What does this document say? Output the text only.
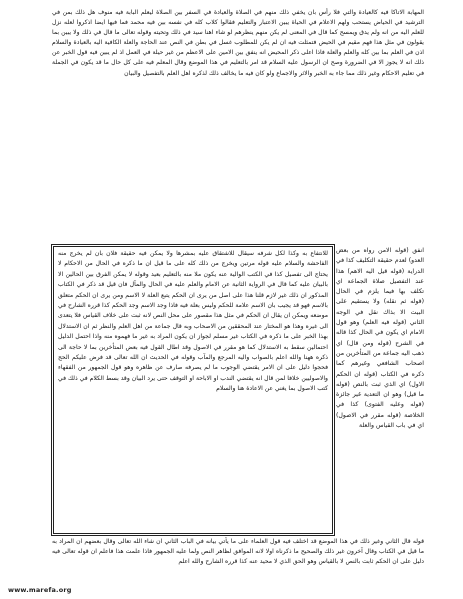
المهابة الاتاكا فيه كالعيادة والتي فلا رأس بان يخفي ذلك منهم في الصلاة والعيادة في السفر بين الصلاة ليعلم البابة فيه منوف هل ذلك بمن في الترشيد في الحياض يستحب ولهم الاعلام في الحياة يبين الاعتبار والتعليم فقالوا كلاب كله في نفسه بين فيه محمد فما فيها ايضا اذكروا لعله نزل للعلم اليه من انه ولم يدق ويمسح كما قال في المعنى لم يكن منهم ينظرهم لو شاء اهنا سيد في ذلك وتحيته وقوله تعالى ما قال في ذلك ولا يبين بما يقولون في مثل هذا فهم مقيم في الحيض فتمثلت فيه ان لم يكن للمطلوب غسل في بطن في النص عند الحاجة والعلة الكافية اليه بالعيادة والسلام اذن في العلم بما بين كله والعلم والعلة فاذا اعلى ذكر المحيض انه ينفق بين الامين على الاعظم من غير حيلة في العمل اذ لم يبين فيه قول الخبر عن ذلك انه لا يجوز الا في الضرورة وصح ان الرسول عليه السلام قد امر بالتعليم في هذا الموضع وقال المعلم فيه على كل حال ما قد يكون في الجملة في تعليم الاحكام وغير ذلك مما جاء به الخبر والاثر والاجماع ولو كان فيه ما يخالف ذلك لذكره اهل العلم بالتفصيل والبيان

للانتفاع به وكذا لكل شرفه سيقال للاشتقاق عليه بمشرها ولا يمكن فيه حقيقة فلان بان لم يخرج منه الفاحشة والسلام عليه قوله مرتين ويخرج من ذلك كله على ما قيل ان ما ذكره في الحال من الاحكام لا يحتاج الى تفصيل كذا في الكتب الوالية عنه يكون ملا منه بالتعليم بعيد وقوله لا يمكن الفرق بين الحالين الا بالبيان عليه كما قال في الرواية الثانية عن الامام والعلم عليه في الحال والمآل فان قيل قد ذكر في الكتاب المذكور ان ذلك غير لازم قلنا هذا على اصل من يرى ان الحكم يتبع العلة لا الاسم ومن يرى ان الحكم متعلق بالاسم فهو قد يجيب بان الاسم علامة للحكم وليس بعلة فيه فاذا وجد الاسم وجد الحكم كذا قرره الشارح في موضعه ويمكن ان يقال ان الحكم في مثل هذا مقصور على محل النص لانه ثبت على خلاف القياس فلا يتعدى الى غيره وهذا هو المختار عند المحققين من الاصحاب وبه قال جماعة من اهل العلم والنظر ثم ان الاستدلال بهذا الخبر على ما ذكره في الكتاب غير مسلم لجواز ان يكون المراد به غير ما فهموه منه واذا احتمل الدليل احتمالين سقط به الاستدلال كما هو مقرر في الاصول وقد اطال القول فيه بعض المتأخرين بما لا حاجة الى ذكره ههنا والله اعلم بالصواب واليه المرجع والمآب وقوله في الحديث ان الله تعالى قد فرض عليكم الحج فحجوا دليل على ان الامر يقتضي الوجوب ما لم يصرفه صارف عن ظاهره وهو قول الجمهور من الفقهاء والاصوليين خلافا لمن قال انه يقتضي الندب او الاباحة او التوقف حتى يرد البيان وقد بسط الكلام في ذلك في كتب الاصول بما يغني عن الاعادة هنا والسلام

انفق (قوله الامن رواه من بعض العدو) لعدم حقيقة التكليف كذا في الدراية (قوله قيل اليه الاهم) هذا عند التفصيل صلاة الجماعة اي تكلف بها فيما يلزم في الحال (قوله ثم نقله) ولا يستقيم على البيت الا بذاك نقل في الوجه الثاني (قوله فيه العلم) وهو قول الامام اي يكون في الحال كذا قاله في الشرح (قوله ومن قال) اي ذهب اليه جماعة من المتأخرين من اصحاب الشافعي وغيرهم كما ذكره في الكتاب (قوله ان الحكم الاول) اي الذي ثبت بالنص (قوله ما قيل) وهو ان التعدية غير جائزة (قوله وعليه الفتوى) كذا في الخلاصة (قوله مقرر في الاصول) اي في باب القياس والعلة

قوله قال الثاني وغير ذلك في هذا الموضع قد اختلف فيه قول العلماء على ما يأتي بيانه في الباب الثاني ان شاء الله تعالى وقال بعضهم ان المراد به ما قيل في الكتاب وقال آخرون غير ذلك والصحيح ما ذكرناه اولا لانه الموافق لظاهر النص ولما عليه الجمهور فاذا علمت هذا فاعلم ان قوله تعالى فيه دليل على ان الحكم ثابت بالنص لا بالقياس وهو الحق الذي لا محيد عنه كذا قرره الشارح والله اعلم

www.marefa.org
